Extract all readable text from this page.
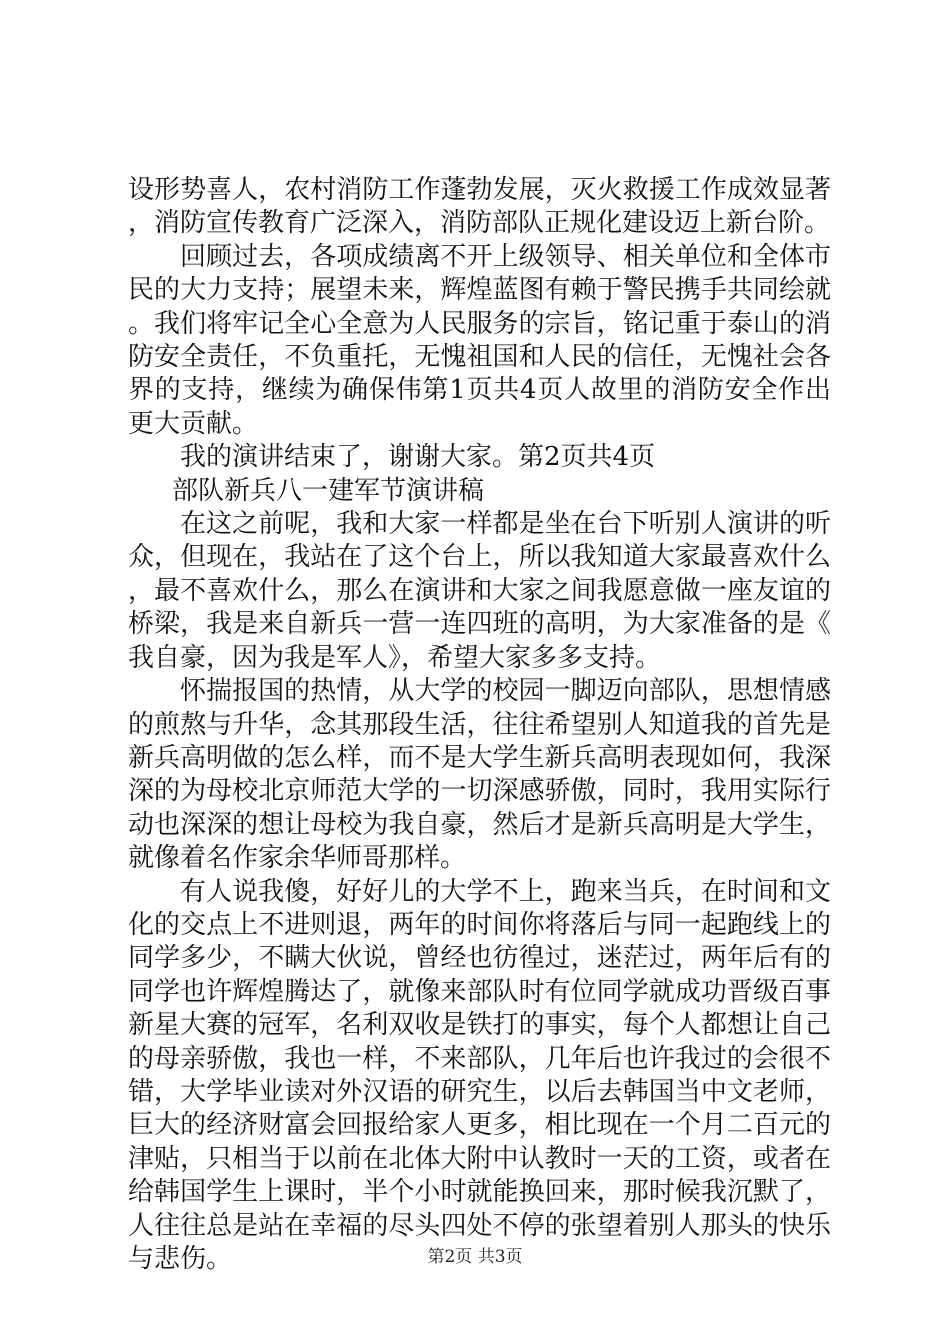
设形势喜人，农村消防工作蓬勃发展，灭火救援工作成效显著，消防宣传教育广泛深入，消防部队正规化建设迈上新台阶。

回顾过去，各项成绩离不开上级领导、相关单位和全体市民的大力支持；展望未来，辉煌蓝图有赖于警民携手共同绘就。我们将牢记全心全意为人民服务的宗旨，铭记重于泰山的消防安全责任，不负重托，无愧祖国和人民的信任，无愧社会各界的支持，继续为确保伟第1页共4页人故里的消防安全作出更大贡献。

我的演讲结束了，谢谢大家。第2页共4页

部队新兵八一建军节演讲稿

在这之前呢，我和大家一样都是坐在台下听别人演讲的听众，但现在，我站在了这个台上，所以我知道大家最喜欢什么，最不喜欢什么，那么在演讲和大家之间我愿意做一座友谊的桥梁，我是来自新兵一营一连四班的高明，为大家准备的是《我自豪，因为我是军人》，希望大家多多支持。

怀揣报国的热情，从大学的校园一脚迈向部队，思想情感的煎熬与升华，念其那段生活，往往希望别人知道我的首先是新兵高明做的怎么样，而不是大学生新兵高明表现如何，我深深的为母校北京师范大学的一切深感骄傲，同时，我用实际行动也深深的想让母校为我自豪，然后才是新兵高明是大学生，就像着名作家余华师哥那样。

有人说我傻，好好儿的大学不上，跑来当兵，在时间和文化的交点上不进则退，两年的时间你将落后与同一起跑线上的同学多少，不瞒大伙说，曾经也彷徨过，迷茫过，两年后有的同学也许辉煌腾达了，就像来部队时有位同学就成功晋级百事新星大赛的冠军，名利双收是铁打的事实，每个人都想让自己的母亲骄傲，我也一样，不来部队，几年后也许我过的会很不错，大学毕业读对外汉语的研究生，以后去韩国当中文老师，巨大的经济财富会回报给家人更多，相比现在一个月二百元的津贴，只相当于以前在北体大附中认教时一天的工资，或者在给韩国学生上课时，半个小时就能换回来，那时候我沉默了，人往往总是站在幸福的尽头四处不停的张望着别人那头的快乐与悲伤。	第2页 共3页
